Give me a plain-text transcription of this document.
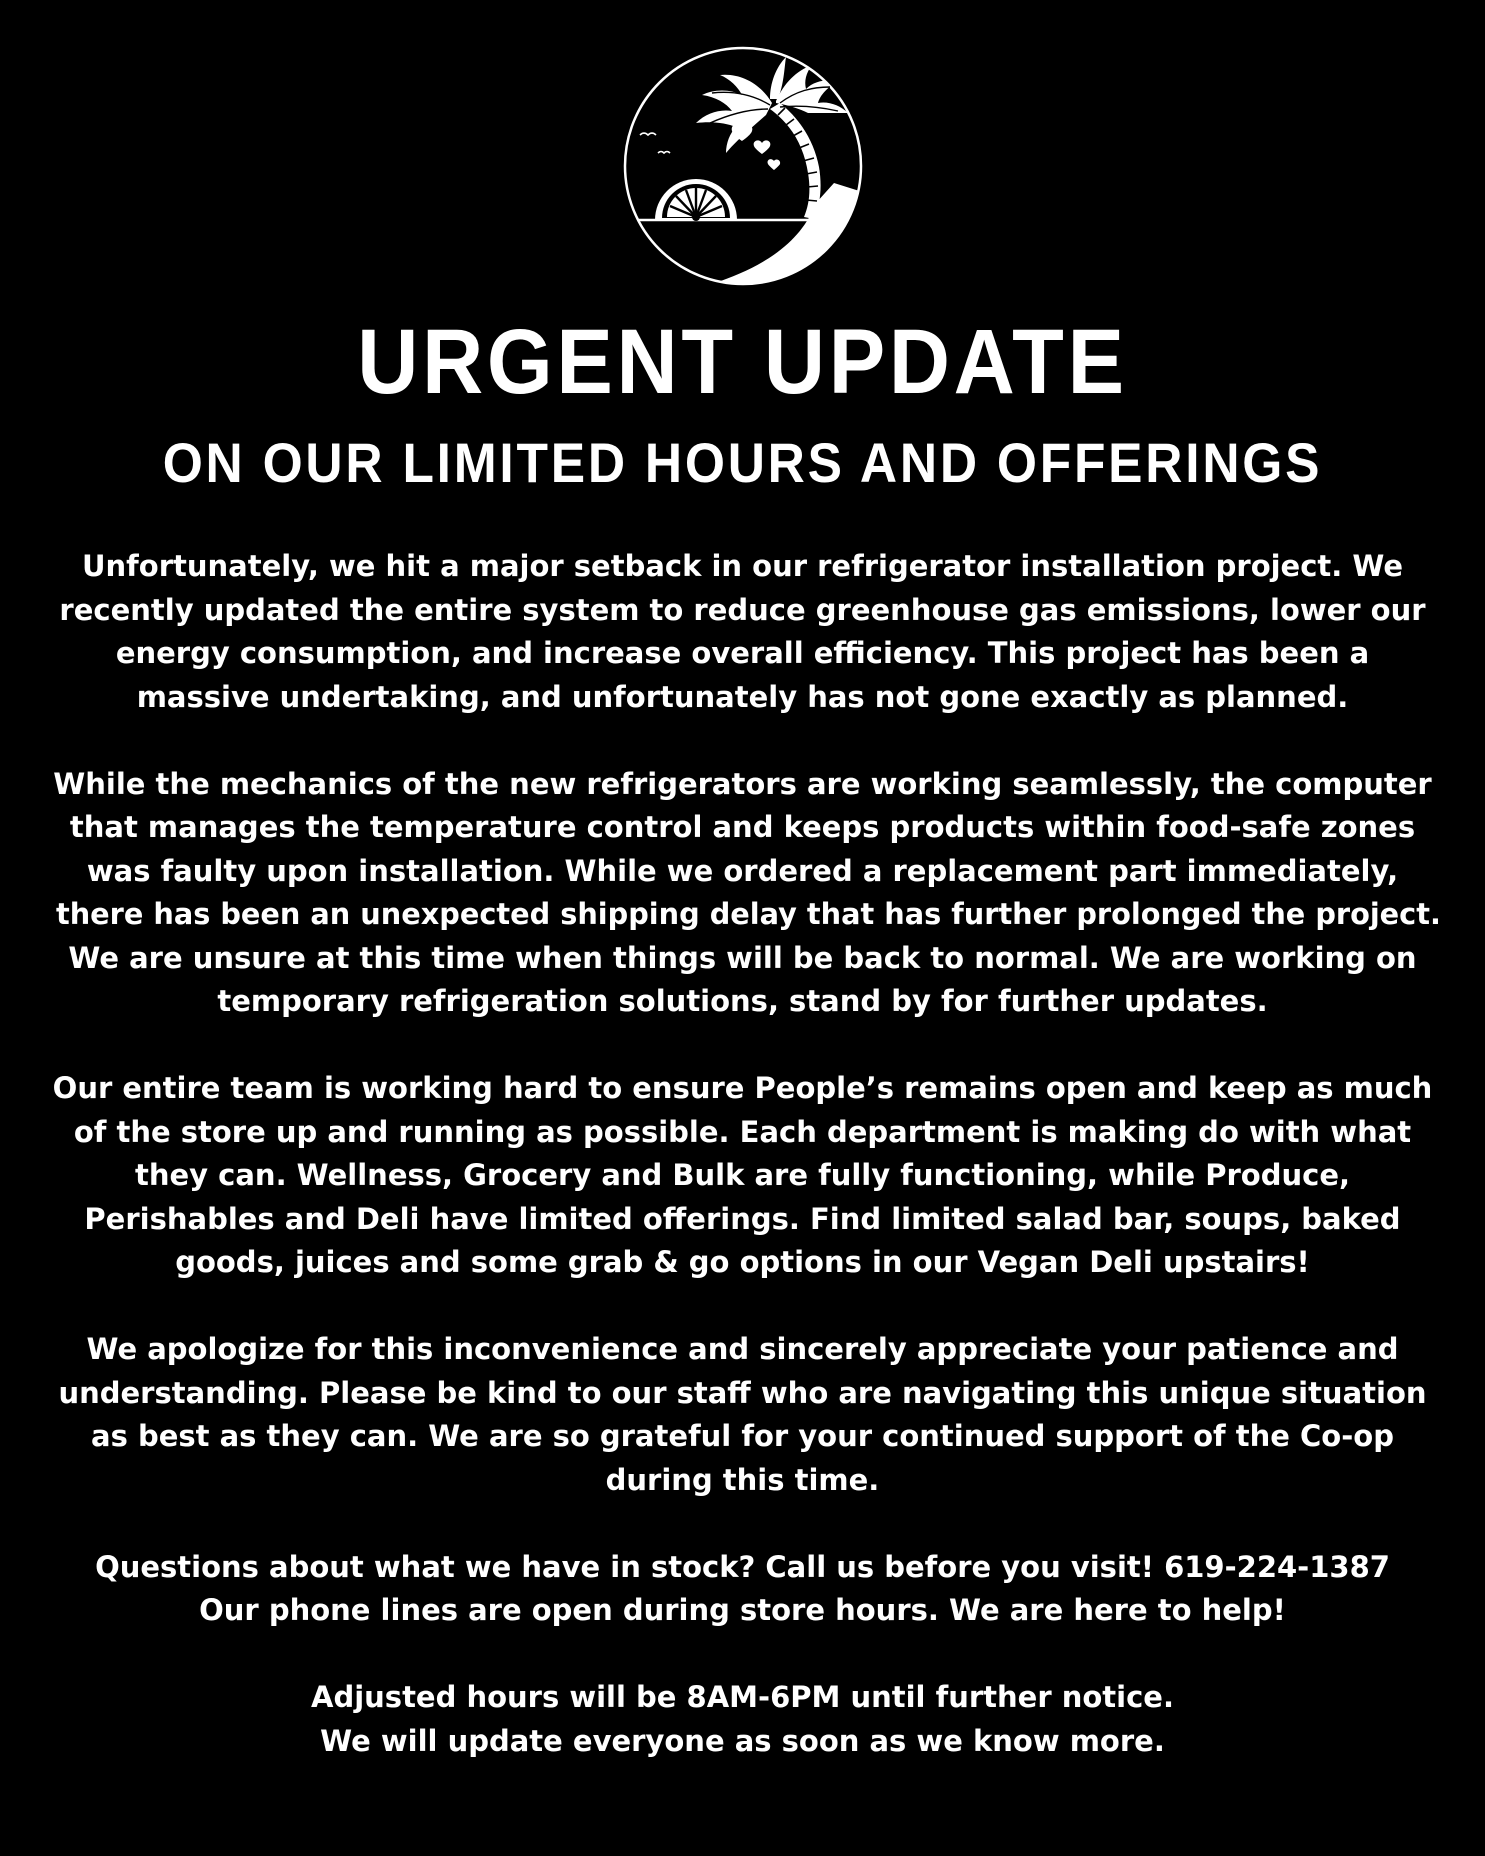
URGENT UPDATE
ON OUR LIMITED HOURS AND OFFERINGS

Unfortunately, we hit a major setback in our refrigerator installation project. We
recently updated the entire system to reduce greenhouse gas emissions, lower our
energy consumption, and increase overall efficiency. This project has been a
massive undertaking, and unfortunately has not gone exactly as planned.

While the mechanics of the new refrigerators are working seamlessly, the computer
that manages the temperature control and keeps products within food-safe zones
was faulty upon installation. While we ordered a replacement part immediately,
there has been an unexpected shipping delay that has further prolonged the project.
We are unsure at this time when things will be back to normal. We are working on
temporary refrigeration solutions, stand by for further updates.

Our entire team is working hard to ensure People’s remains open and keep as much
of the store up and running as possible. Each department is making do with what
they can. Wellness, Grocery and Bulk are fully functioning, while Produce,
Perishables and Deli have limited offerings. Find limited salad bar, soups, baked
goods, juices and some grab & go options in our Vegan Deli upstairs!

We apologize for this inconvenience and sincerely appreciate your patience and
understanding. Please be kind to our staff who are navigating this unique situation
as best as they can. We are so grateful for your continued support of the Co-op
during this time.

Questions about what we have in stock? Call us before you visit! 619-224-1387
Our phone lines are open during store hours. We are here to help!

Adjusted hours will be 8AM-6PM until further notice.
We will update everyone as soon as we know more.
